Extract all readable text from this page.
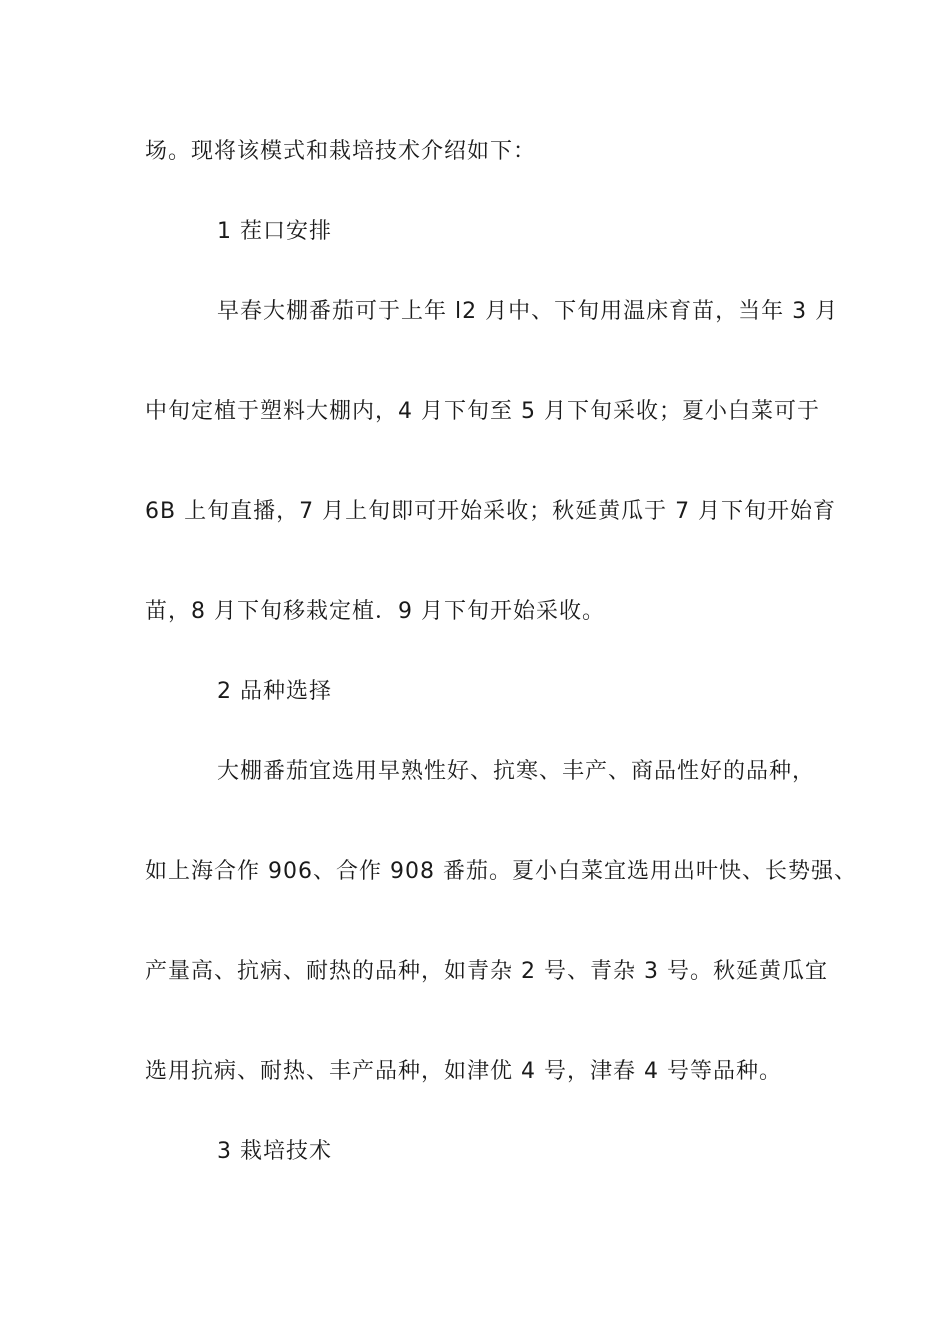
场。现将该模式和栽培技术介绍如下：
1 茬口安排
早春大棚番茄可于上年 l2 月中、下旬用温床育苗，当年 3 月
中旬定植于塑料大棚内，4 月下旬至 5 月下旬采收；夏小白菜可于
6B 上旬直播，7 月上旬即可开始采收；秋延黄瓜于 7 月下旬开始育
苗，8 月下旬移栽定植．9 月下旬开始采收。
2 品种选择
大棚番茄宜选用早熟性好、抗寒、丰产、商品性好的品种，
如上海合作 906、合作 908 番茄。夏小白菜宜选用出叶快、长势强、
产量高、抗病、耐热的品种，如青杂 2 号、青杂 3 号。秋延黄瓜宜
选用抗病、耐热、丰产品种，如津优 4 号，津春 4 号等品种。
3 栽培技术
